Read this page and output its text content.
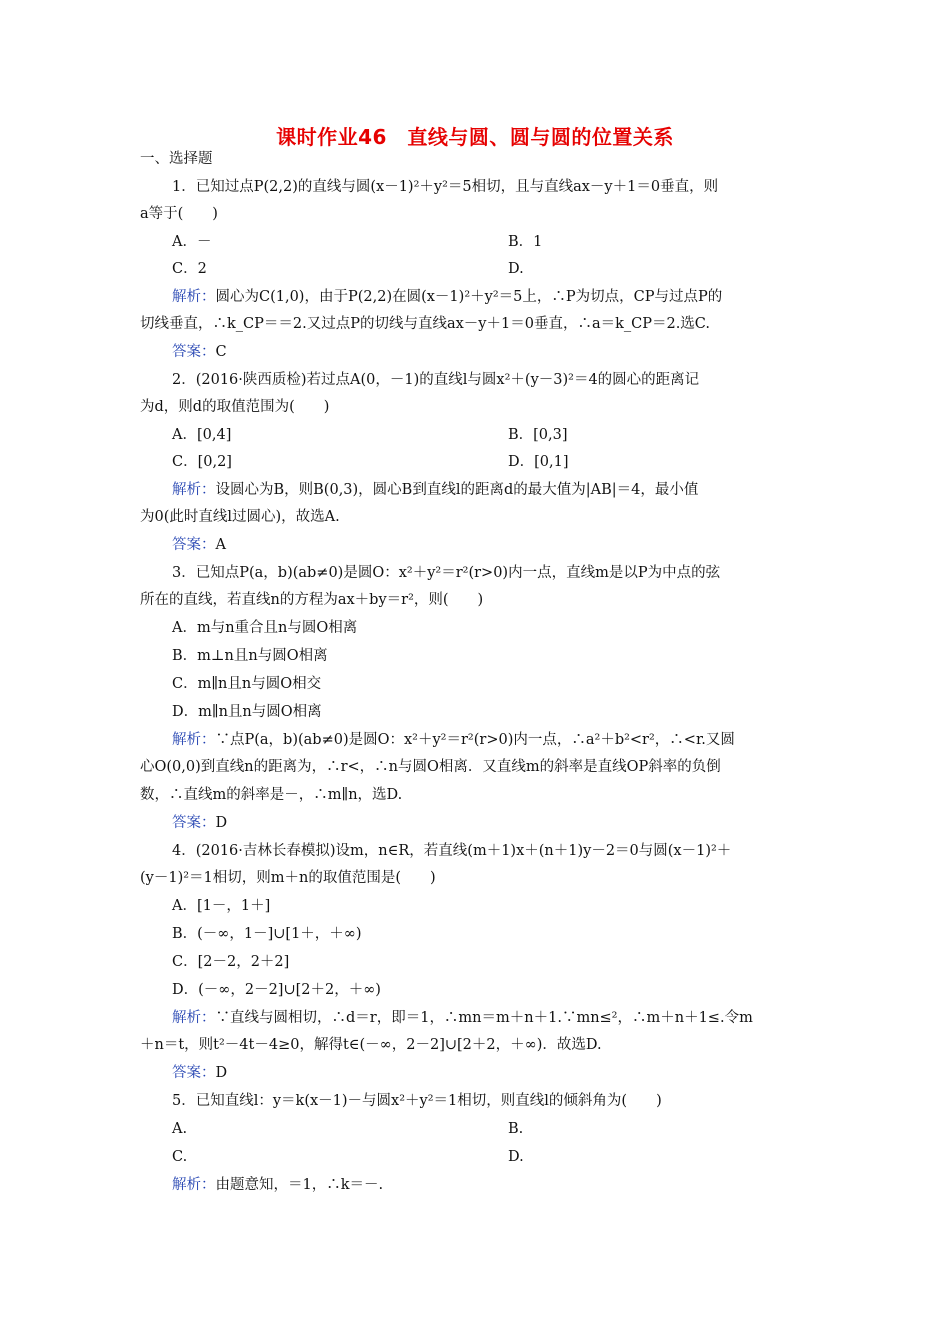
课时作业46　直线与圆、圆与圆的位置关系
一、选择题
1．已知过点P(2,2)的直线与圆(x－1)²＋y²＝5相切，且与直线ax－y＋1＝0垂直，则
a等于(　　)
A．－	B．1
C．2	D.
解析：圆心为C(1,0)，由于P(2,2)在圆(x－1)²＋y²＝5上，∴P为切点，CP与过点P的
切线垂直，∴k_CP＝＝2.又过点P的切线与直线ax－y＋1＝0垂直，∴a＝k_CP＝2.选C.
答案：C
2．(2016·陕西质检)若过点A(0，－1)的直线l与圆x²＋(y－3)²＝4的圆心的距离记
为d，则d的取值范围为(　　)
A．[0,4]	B．[0,3]
C．[0,2]	D．[0,1]
解析：设圆心为B，则B(0,3)，圆心B到直线l的距离d的最大值为|AB|＝4，最小值
为0(此时直线l过圆心)，故选A.
答案：A
3．已知点P(a，b)(ab≠0)是圆O：x²＋y²＝r²(r>0)内一点，直线m是以P为中点的弦
所在的直线，若直线n的方程为ax＋by＝r²，则(　　)
A．m与n重合且n与圆O相离
B．m⊥n且n与圆O相离
C．m∥n且n与圆O相交
D．m∥n且n与圆O相离
解析：∵点P(a，b)(ab≠0)是圆O：x²＋y²＝r²(r>0)内一点，∴a²＋b²<r²，∴<r.又圆
心O(0,0)到直线n的距离为，∴r<，∴n与圆O相离．又直线m的斜率是直线OP斜率的负倒
数，∴直线m的斜率是－，∴m∥n，选D.
答案：D
4．(2016·吉林长春模拟)设m，n∈R，若直线(m＋1)x＋(n＋1)y－2＝0与圆(x－1)²＋
(y－1)²＝1相切，则m＋n的取值范围是(　　)
A．[1－，1＋]
B．(－∞，1－]∪[1＋，＋∞)
C．[2－2，2＋2]
D．(－∞，2－2]∪[2＋2，＋∞)
解析：∵直线与圆相切，∴d＝r，即＝1，∴mn＝m＋n＋1.∵mn≤²，∴m＋n＋1≤.令m
＋n＝t，则t²－4t－4≥0，解得t∈(－∞，2－2]∪[2＋2，＋∞)．故选D.
答案：D
5．已知直线l：y＝k(x－1)－与圆x²＋y²＝1相切，则直线l的倾斜角为(　　)
A.	B.
C.	D.
解析：由题意知，＝1，∴k＝－.
